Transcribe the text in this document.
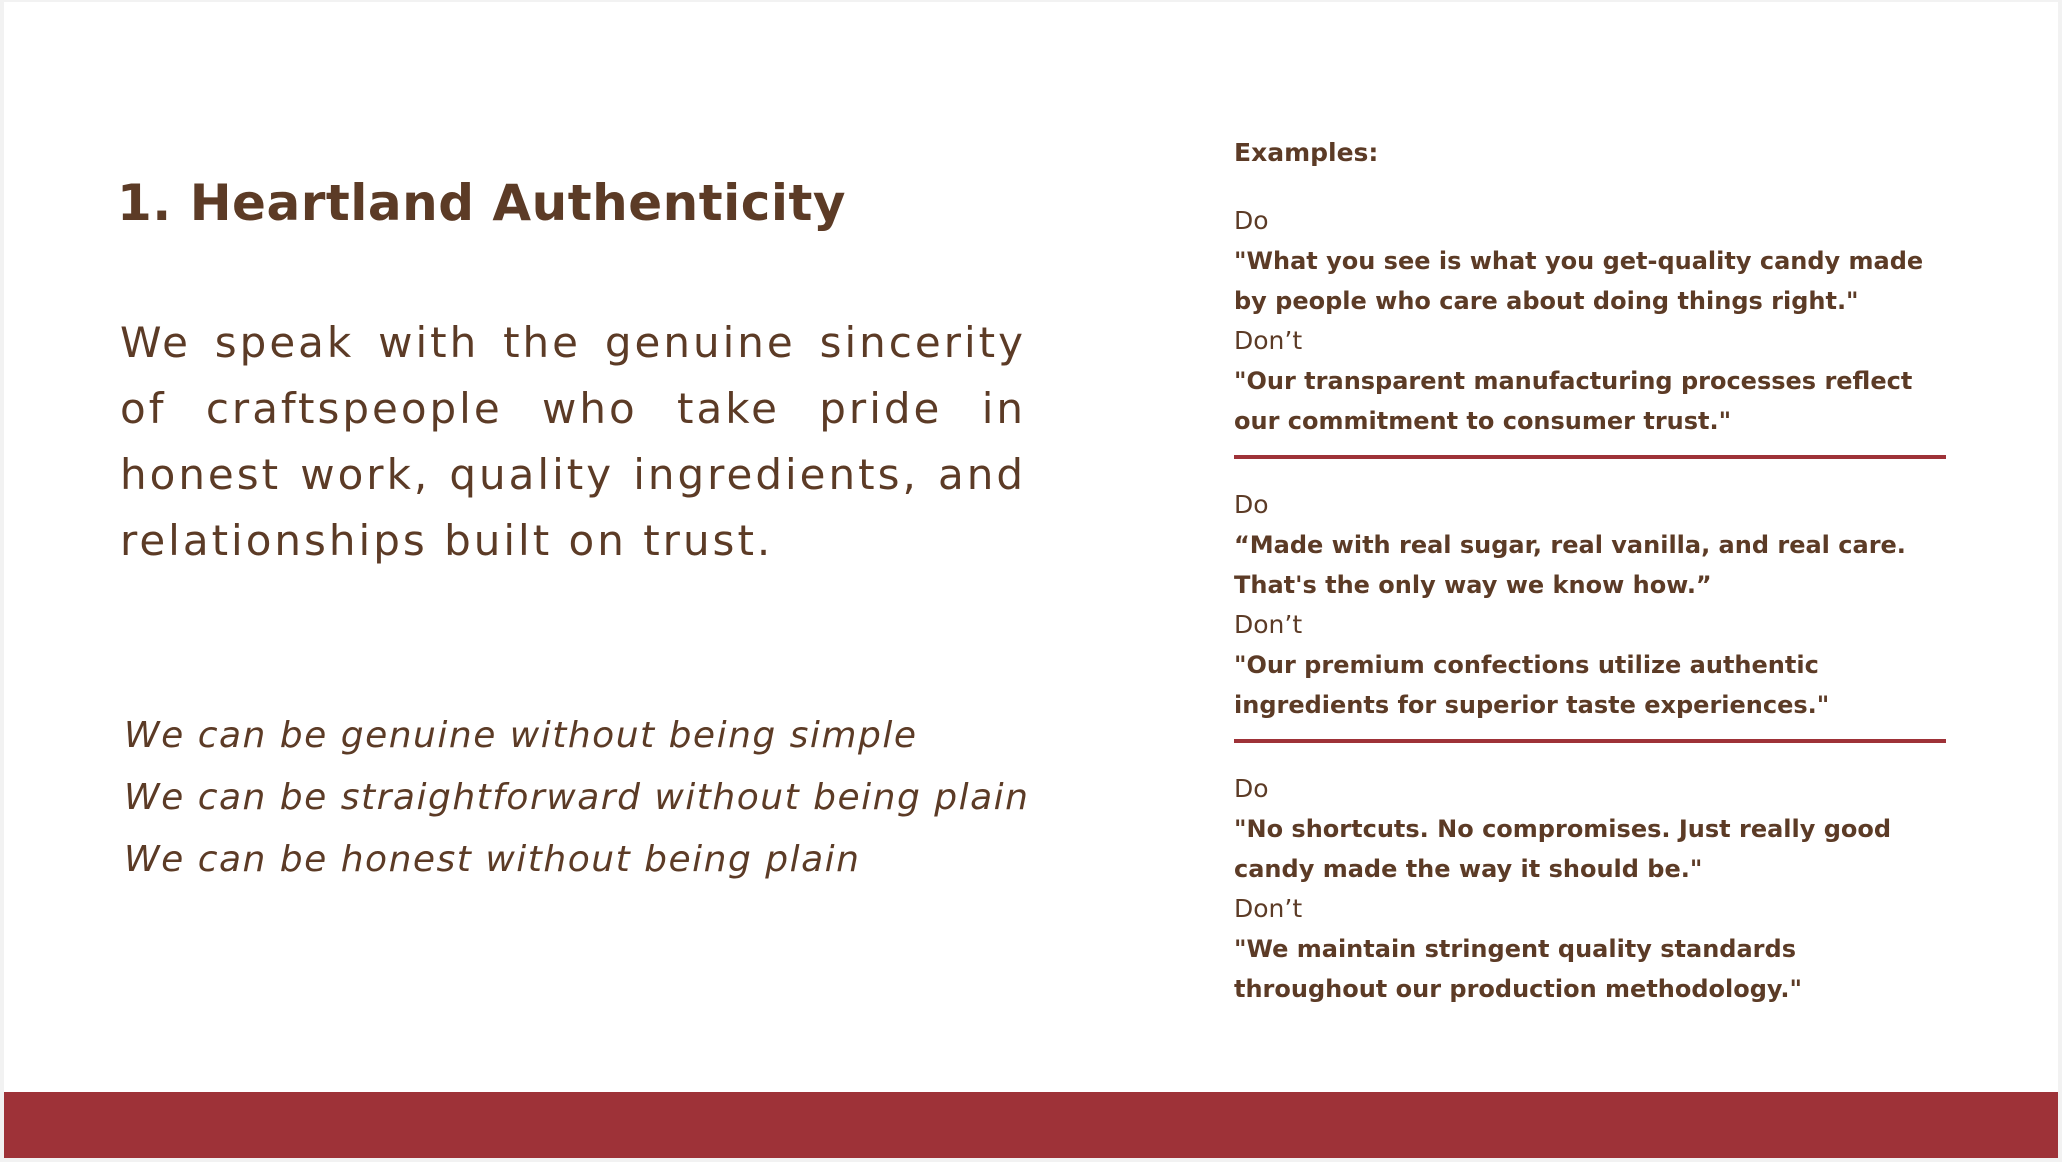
1. Heartland Authenticity

We speak with the genuine sincerity of craftspeople who take pride in honest work, quality ingredients, and relationships built on trust.

We can be genuine without being simple
We can be straightforward without being plain
We can be honest without being plain
Examples:
Do
"What you see is what you get-quality candy made by people who care about doing things right."
Don’t
"Our transparent manufacturing processes reflect our commitment to consumer trust."
Do
“Made with real sugar, real vanilla, and real care. That's the only way we know how.”
Don’t
"Our premium confections utilize authentic ingredients for superior taste experiences."
Do
"No shortcuts. No compromises. Just really good candy made the way it should be."
Don’t
"We maintain stringent quality standards throughout our production methodology."
